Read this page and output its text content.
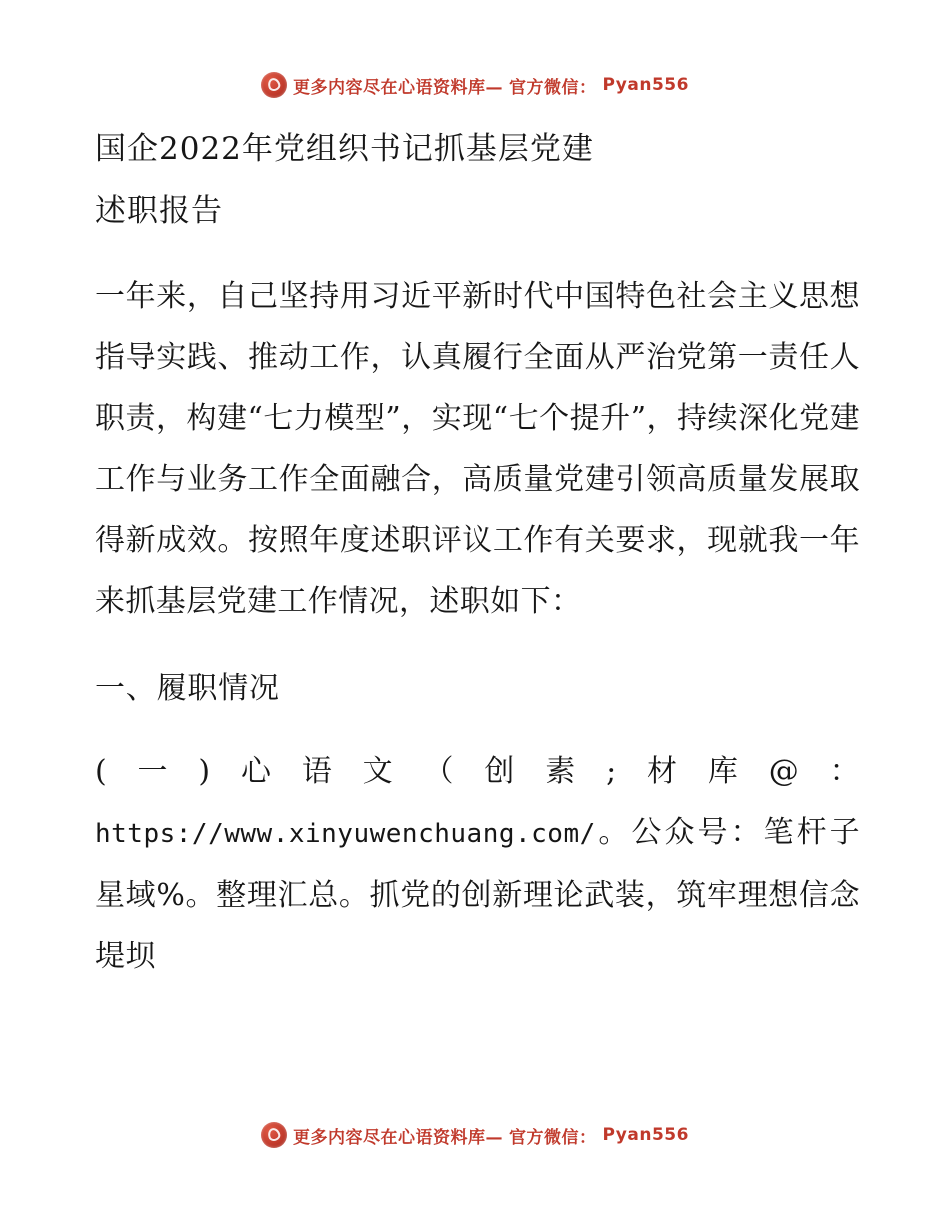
更多内容尽在心语资料库— 官方微信： Pyan556
国企2022年党组织书记抓基层党建
述职报告

一年来，自己坚持用习近平新时代中国特色社会主义思想指导实践、推动工作，认真履行全面从严治党第一责任人职责，构建“七力模型”，实现“七个提升”，持续深化党建工作与业务工作全面融合，高质量党建引领高质量发展取得新成效。按照年度述职评议工作有关要求，现就我一年来抓基层党建工作情况，述职如下：

一、履职情况
(一)心语文（创素;材库@：https://www.xinyuwenchuang.com/。公众号：笔杆子星域%。整理汇总。抓党的创新理论武装，筑牢理想信念堤坝
更多内容尽在心语资料库— 官方微信： Pyan556
